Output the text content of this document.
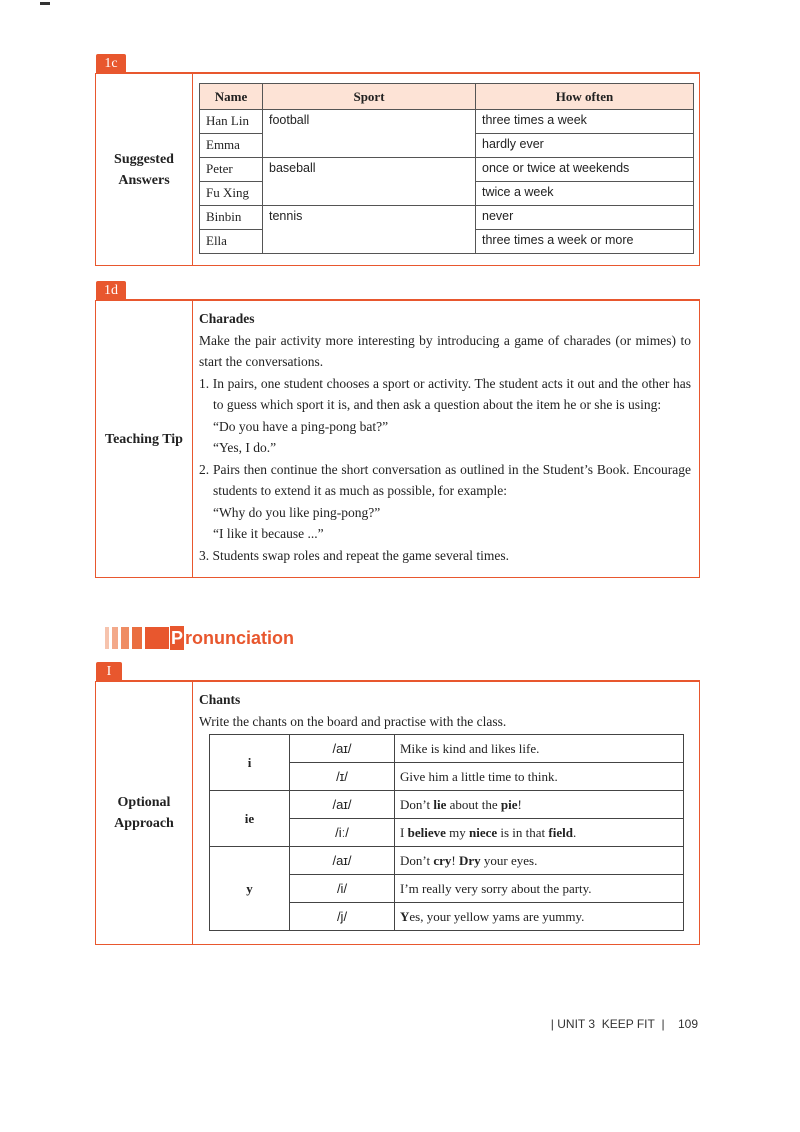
1c
Suggested
Answers
Name	Sport	How often
Han Lin	football	three times a week
Emma		hardly ever
Peter	baseball	once or twice at weekends
Fu Xing		twice a week
Binbin	tennis	never
Ella		three times a week or more
1d
Teaching Tip

Charades

Make the pair activity more interesting by introducing a game of charades (or mimes) to start the conversations.

1. In pairs, one student chooses a sport or activity. The student acts it out and the other has to guess which sport it is, and then ask a question about the item he or she is using:

“Do you have a ping-pong bat?”

“Yes, I do.”

2. Pairs then continue the short conversation as outlined in the Student’s Book. Encourage students to extend it as much as possible, for example:

“Why do you like ping-pong?”

“I like it because ...”

3. Students swap roles and repeat the game several times.

P ronunciation
I
Optional
Approach

Chants

Write the chants on the board and practise with the class.

i	/aɪ/	Mike is kind and likes life.
	/ɪ/	Give him a little time to think.
ie	/aɪ/	Don’t lie about the pie!
	/iː/	I believe my niece is in that field.
y	/aɪ/	Don’t cry! Dry your eyes.
	/i/	I’m really very sorry about the party.
	/j/	Yes, your yellow yams are yummy.
| UNIT 3 KEEP FIT  |    109
